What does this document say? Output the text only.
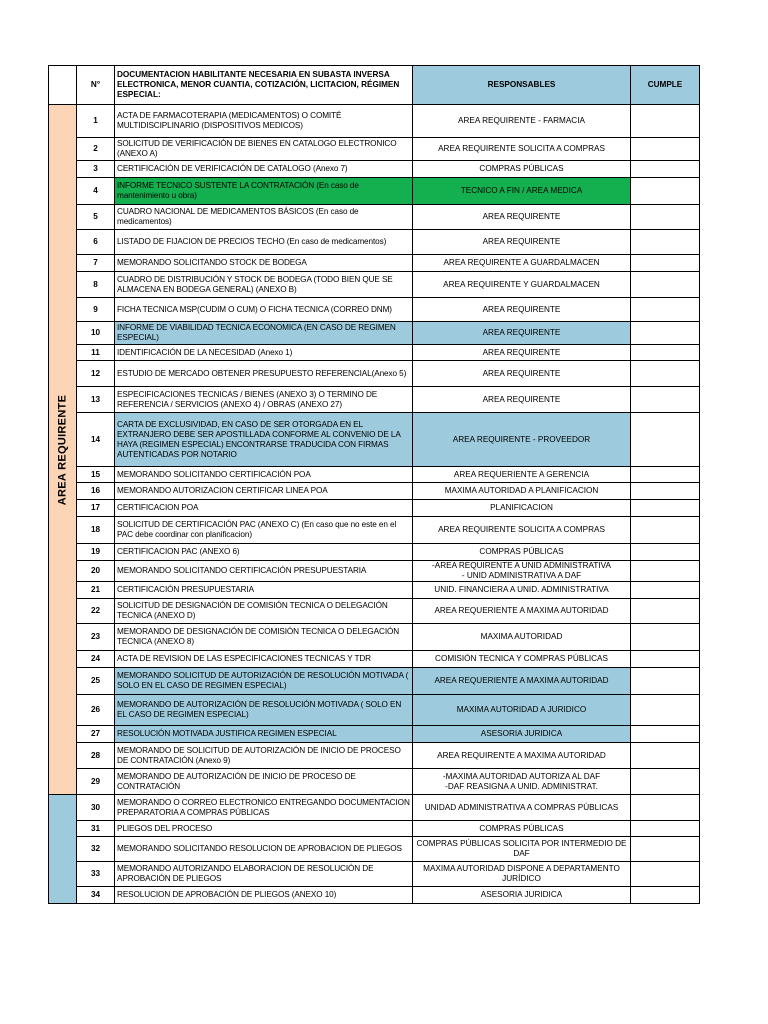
	N°	DOCUMENTACION HABILITANTE NECESARIA EN SUBASTA INVERSA ELECTRONICA, MENOR CUANTIA, COTIZACIÓN, LICITACION, RÉGIMEN ESPECIAL:	RESPONSABLES	CUMPLE

AREA REQUIRENTE	1	ACTA DE FARMACOTERAPIA (MEDICAMENTOS) O COMITÉ MULTIDISCIPLINARIO (DISPOSITIVOS MEDICOS)	AREA REQUIRENTE - FARMACIA	
	2	SOLICITUD DE VERIFICACIÓN DE BIENES EN CATALOGO ELECTRONICO (ANEXO A)	AREA REQUIRENTE SOLICITA A COMPRAS	
	3	CERTIFICACIÓN DE VERIFICACIÓN DE CATALOGO (Anexo 7)	COMPRAS PÚBLICAS	
	4	INFORME TECNICO SUSTENTE LA CONTRATACIÓN (En caso de mantenimiento u obra)	TECNICO A FIN / AREA MEDICA	
	5	CUADRO NACIONAL DE MEDICAMENTOS BÁSICOS (En caso de medicamentos)	AREA REQUIRENTE	
	6	LISTADO DE FIJACION DE PRECIOS TECHO (En caso de medicamentos)	AREA REQUIRENTE	
	7	MEMORANDO SOLICITANDO STOCK DE BODEGA	AREA REQUIRENTE A GUARDALMACEN	
	8	CUADRO DE DISTRIBUCIÓN Y STOCK DE BODEGA (TODO BIEN QUE SE ALMACENA EN BODEGA GENERAL) (ANEXO B)	AREA REQUIRENTE Y GUARDALMACEN	
	9	FICHA TECNICA MSP(CUDIM O CUM) O FICHA TECNICA (CORREO DNM)	AREA REQUIRENTE	
	10	INFORME DE VIABILIDAD TECNICA ECONOMICA (EN CASO DE REGIMEN ESPECIAL)	AREA REQUIRENTE	
	11	IDENTIFICACIÓN DE LA NECESIDAD (Anexo 1)	AREA REQUIRENTE	
	12	ESTUDIO DE MERCADO OBTENER PRESUPUESTO REFERENCIAL(Anexo 5)	AREA REQUIRENTE	
	13	ESPECIFICACIONES TECNICAS / BIENES (ANEXO 3) O TERMINO DE REFERENCIA / SERVICIOS (ANEXO 4) / OBRAS (ANEXO 27)	AREA REQUIRENTE	
	14	CARTA DE EXCLUSIVIDAD, EN CASO DE SER OTORGADA EN EL EXTRANJERO DEBE SER APOSTILLADA CONFORME AL CONVENIO DE LA HAYA (REGIMEN ESPECIAL) ENCONTRARSE TRADUCIDA CON FIRMAS AUTENTICADAS POR NOTARIO	AREA REQUIRENTE - PROVEEDOR	
	15	MEMORANDO SOLICITANDO CERTIFICACIÓN POA	AREA REQUERIENTE A GERENCIA	
	16	MEMORANDO AUTORIZACION CERTIFICAR LINEA POA	MAXIMA AUTORIDAD A PLANIFICACION	
	17	CERTIFICACION POA	PLANIFICACION	
	18	SOLICITUD DE CERTIFICACIÓN PAC (ANEXO C) (En caso que no este en el PAC debe coordinar con planificacion)	AREA REQUIRENTE SOLICITA A COMPRAS	
	19	CERTIFICACION PAC (ANEXO 6)	COMPRAS PÚBLICAS	
	20	MEMORANDO SOLICITANDO CERTIFICACIÓN PRESUPUESTARIA	-AREA REQUIRENTE A UNID ADMINISTRATIVA
- UNID ADMINISTRATIVA A DAF	
	21	CERTIFICACIÓN PRESUPUESTARIA	UNID. FINANCIERA A UNID. ADMINISTRATIVA	
	22	SOLICITUD DE DESIGNACIÓN DE COMISIÓN TECNICA O DELEGACIÓN TECNICA (ANEXO D)	AREA REQUERIENTE A MAXIMA AUTORIDAD	
	23	MEMORANDO DE DESIGNACIÓN DE COMISIÓN TECNICA O DELEGACIÓN TECNICA (ANEXO 8)	MAXIMA AUTORIDAD	
	24	ACTA DE REVISION DE LAS ESPECIFICACIONES TECNICAS Y TDR	COMISIÓN TECNICA Y COMPRAS PÚBLICAS	
	25	MEMORANDO SOLICITUD DE AUTORIZACIÓN DE RESOLUCIÓN MOTIVADA ( SOLO EN EL CASO DE REGIMEN ESPECIAL)	AREA REQUERIENTE A MAXIMA AUTORIDAD	
	26	MEMORANDO DE AUTORIZACIÓN DE RESOLUCIÓN MOTIVADA ( SOLO EN EL CASO DE REGIMEN ESPECIAL)	MAXIMA AUTORIDAD A JURIDICO	
	27	RESOLUCIÓN MOTIVADA JUSTIFICA REGIMEN ESPECIAL	ASESORIA JURIDICA	
	28	MEMORANDO DE SOLICITUD DE AUTORIZACIÓN DE INICIO DE PROCESO DE CONTRATACIÓN (Anexo 9)	AREA REQUIRENTE A MAXIMA AUTORIDAD	
	29	MEMORANDO DE AUTORIZACIÓN DE INICIO DE PROCESO DE CONTRATACIÓN	-MAXIMA AUTORIDAD AUTORIZA AL DAF
-DAF REASIGNA A UNID. ADMINISTRAT.	
	30	MEMORANDO O CORREO ELECTRONICO ENTREGANDO DOCUMENTACION PREPARATORIA A COMPRAS PÚBLICAS	UNIDAD ADMINISTRATIVA A COMPRAS PÚBLICAS	
	31	PLIEGOS DEL PROCESO	COMPRAS PÚBLICAS	
	32	MEMORANDO SOLICITANDO RESOLUCION DE APROBACION DE PLIEGOS	COMPRAS PÚBLICAS SOLICITA POR INTERMEDIO DE DAF	
	33	MEMORANDO AUTORIZANDO ELABORACION DE RESOLUCIÓN DE APROBACIÓN DE PLIEGOS	MAXIMA AUTORIDAD DISPONE A DEPARTAMENTO JURÍDICO	
	34	RESOLUCION DE APROBACIÓN DE PLIEGOS (ANEXO 10)	ASESORIA JURIDICA	
